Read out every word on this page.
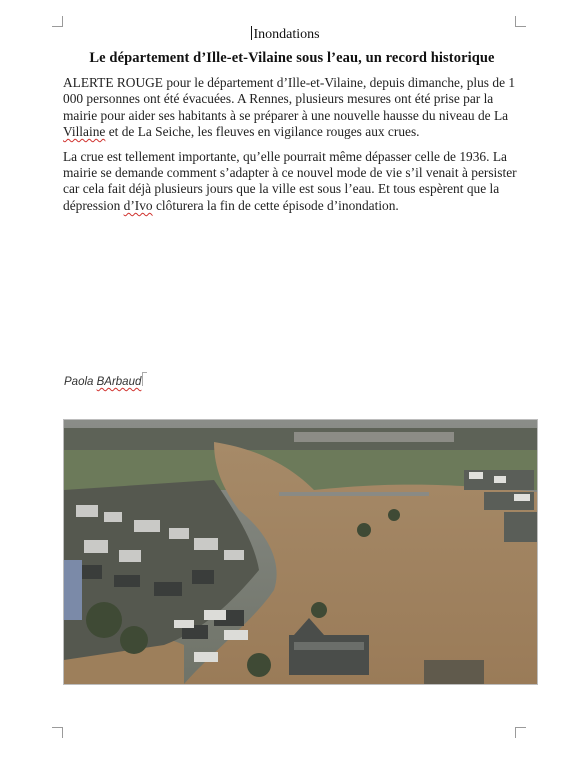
Inondations
Le département d’Ille-et-Vilaine sous l’eau, un record historique

ALERTE ROUGE pour le département d’Ille-et-Vilaine, depuis dimanche, plus de 1 000 personnes ont été évacuées. A Rennes, plusieurs mesures ont été prise par la mairie pour aider ses habitants à se préparer à une nouvelle hausse du niveau de La Villaine et de La Seiche, les fleuves en vigilance rouges aux crues.

La crue est tellement importante, qu’elle pourrait même dépasser celle de 1936. La mairie se demande comment s’adapter à ce nouvel mode de vie s’il venait à persister car cela fait déjà plusieurs jours que la ville est sous l’eau. Et tous espèrent que la dépression d’Ivo clôturera la fin de cette épisode d’inondation.

Paola BArbaud
